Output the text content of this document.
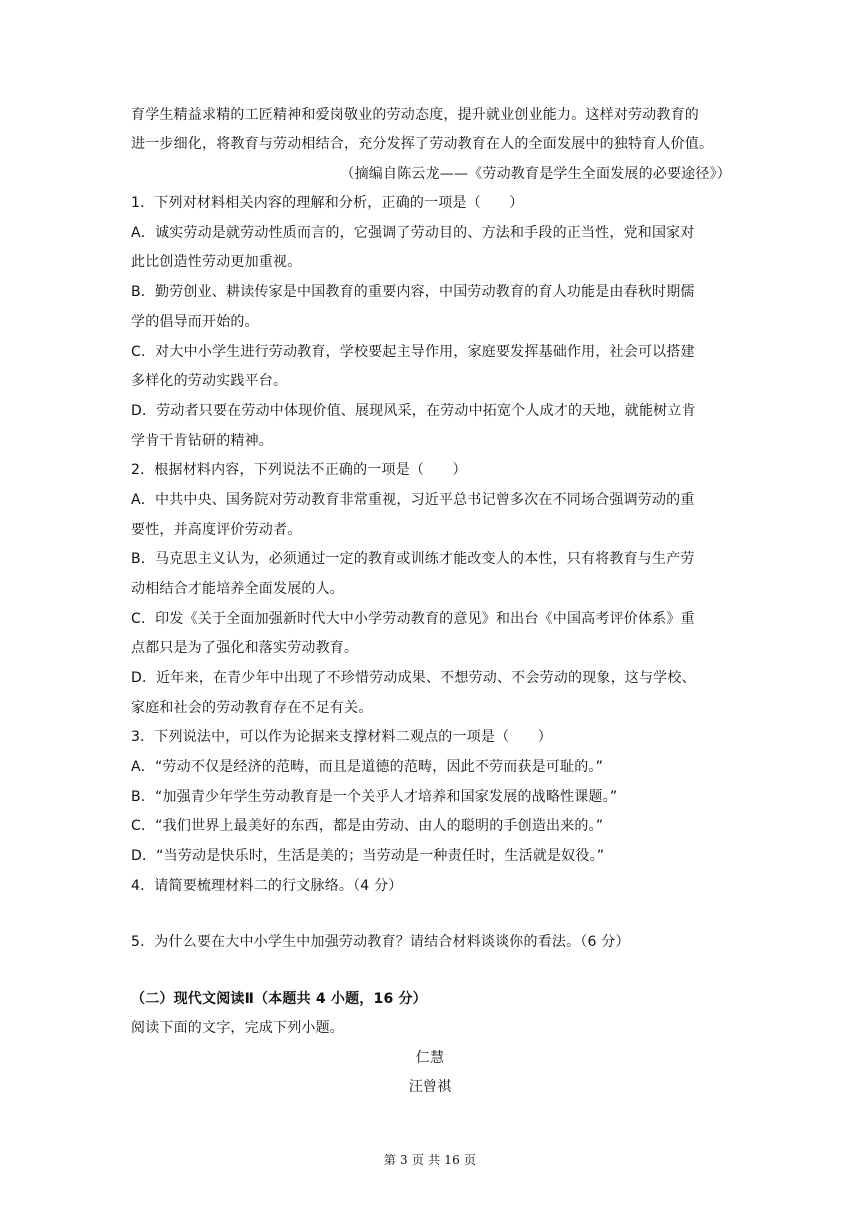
育学生精益求精的工匠精神和爱岗敬业的劳动态度，提升就业创业能力。这样对劳动教育的
进一步细化，将教育与劳动相结合，充分发挥了劳动教育在人的全面发展中的独特育人价值。
（摘编自陈云龙——《劳动教育是学生全面发展的必要途径》）
1．下列对材料相关内容的理解和分析，正确的一项是（　　）
A．诚实劳动是就劳动性质而言的，它强调了劳动目的、方法和手段的正当性，党和国家对
此比创造性劳动更加重视。
B．勤劳创业、耕读传家是中国教育的重要内容，中国劳动教育的育人功能是由春秋时期儒
学的倡导而开始的。
C．对大中小学生进行劳动教育，学校要起主导作用，家庭要发挥基础作用，社会可以搭建
多样化的劳动实践平台。
D．劳动者只要在劳动中体现价值、展现风采，在劳动中拓宽个人成才的天地，就能树立肯
学肯干肯钻研的精神。
2．根据材料内容，下列说法不正确的一项是（　　）
A．中共中央、国务院对劳动教育非常重视，习近平总书记曾多次在不同场合强调劳动的重
要性，并高度评价劳动者。
B．马克思主义认为，必须通过一定的教育或训练才能改变人的本性，只有将教育与生产劳
动相结合才能培养全面发展的人。
C．印发《关于全面加强新时代大中小学劳动教育的意见》和出台《中国高考评价体系》重
点都只是为了强化和落实劳动教育。
D．近年来，在青少年中出现了不珍惜劳动成果、不想劳动、不会劳动的现象，这与学校、
家庭和社会的劳动教育存在不足有关。
3．下列说法中，可以作为论据来支撑材料二观点的一项是（　　）
A．“劳动不仅是经济的范畴，而且是道德的范畴，因此不劳而获是可耻的。”
B．“加强青少年学生劳动教育是一个关乎人才培养和国家发展的战略性课题。”
C．“我们世界上最美好的东西，都是由劳动、由人的聪明的手创造出来的。”
D．“当劳动是快乐时，生活是美的；当劳动是一种责任时，生活就是奴役。”
4．请简要梳理材料二的行文脉络。（4 分）
5．为什么要在大中小学生中加强劳动教育？请结合材料谈谈你的看法。（6 分）
（二）现代文阅读Ⅱ（本题共 4 小题，16 分）
阅读下面的文字，完成下列小题。
仁慧
汪曾祺
第 3 页 共 16 页
